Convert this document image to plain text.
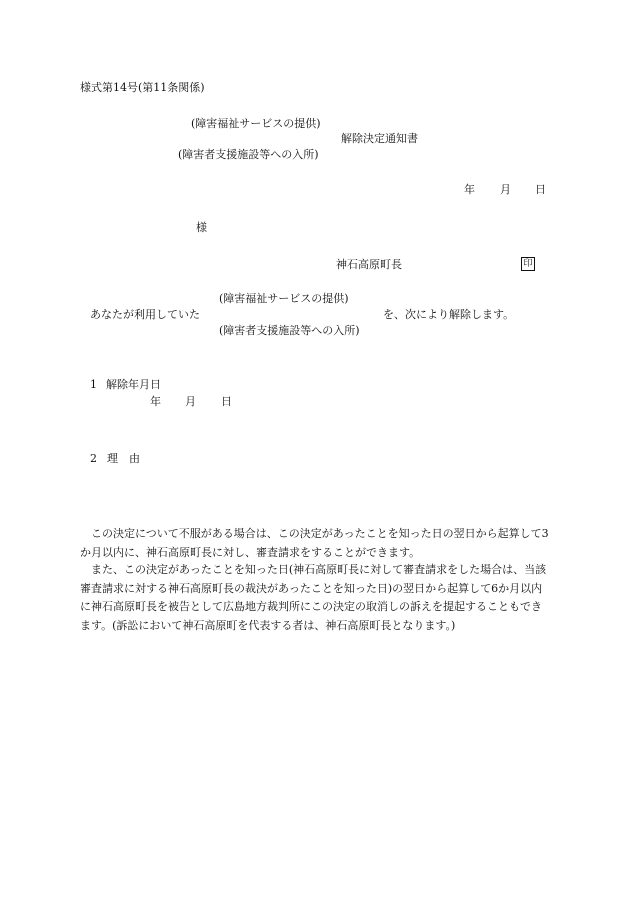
様式第14号(第11条関係)
(障害福祉サービスの提供)
解除決定通知書
(障害者支援施設等への入所)
年 月 日
様
神石高原町長	印
(障害福祉サービスの提供)
あなたが利用していた	を、次により解除します。
(障害者支援施設等への入所)
1 解除年月日
年 月 日
2 理　由
この決定について不服がある場合は、この決定があったことを知った日の翌日から起算して3か月以内に、神石高原町長に対し、審査請求をすることができます。
また、この決定があったことを知った日(神石高原町長に対して審査請求をした場合は、当該審査請求に対する神石高原町長の裁決があったことを知った日)の翌日から起算して6か月以内に神石高原町長を被告として広島地方裁判所にこの決定の取消しの訴えを提起することもできます。(訴訟において神石高原町を代表する者は、神石高原町長となります。)
